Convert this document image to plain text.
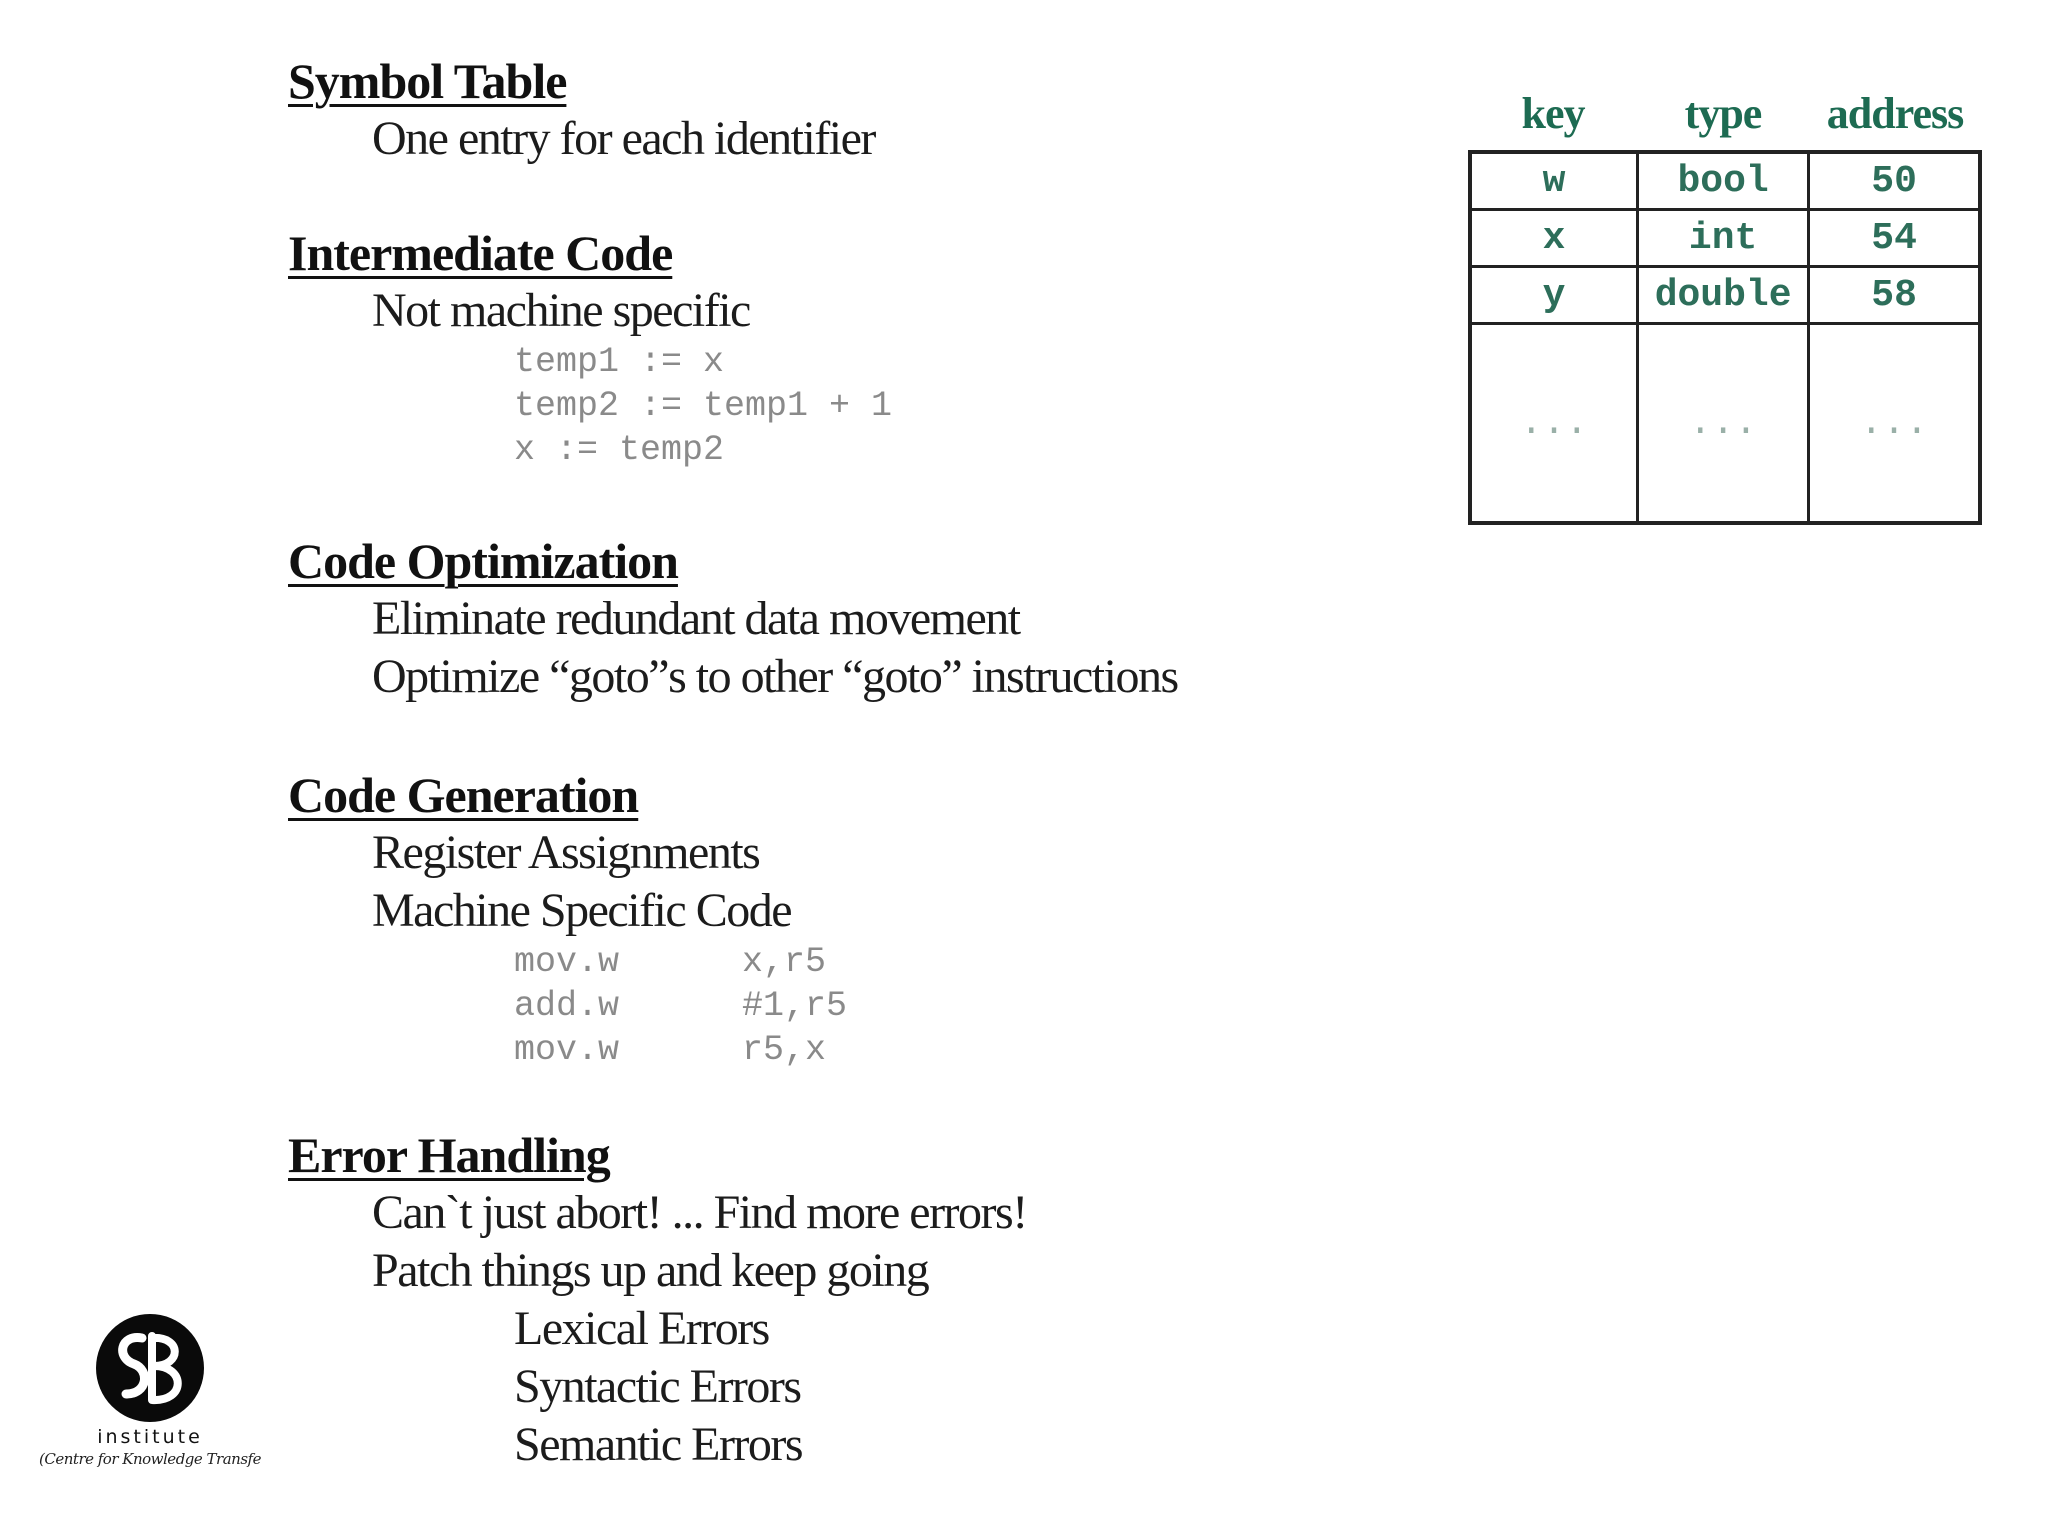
Symbol Table
One entry for each identifier
Intermediate Code
Not machine specific
temp1 := x
temp2 := temp1 + 1
x := temp2
Code Optimization
Eliminate redundant data movement
Optimize “goto”s to other “goto” instructions
Code Generation
Register Assignments
Machine Specific Code
mov.w	x,r5
add.w	#1,r5
mov.w	r5,x
Error Handling
Can`t just abort! ... Find more errors!
Patch things up and keep going
Lexical Errors
Syntactic Errors
Semantic Errors
key	type	address
w	bool	50
x	int	54
y	double	58
...	...	...
institute
(Centre for Knowledge Transfe
